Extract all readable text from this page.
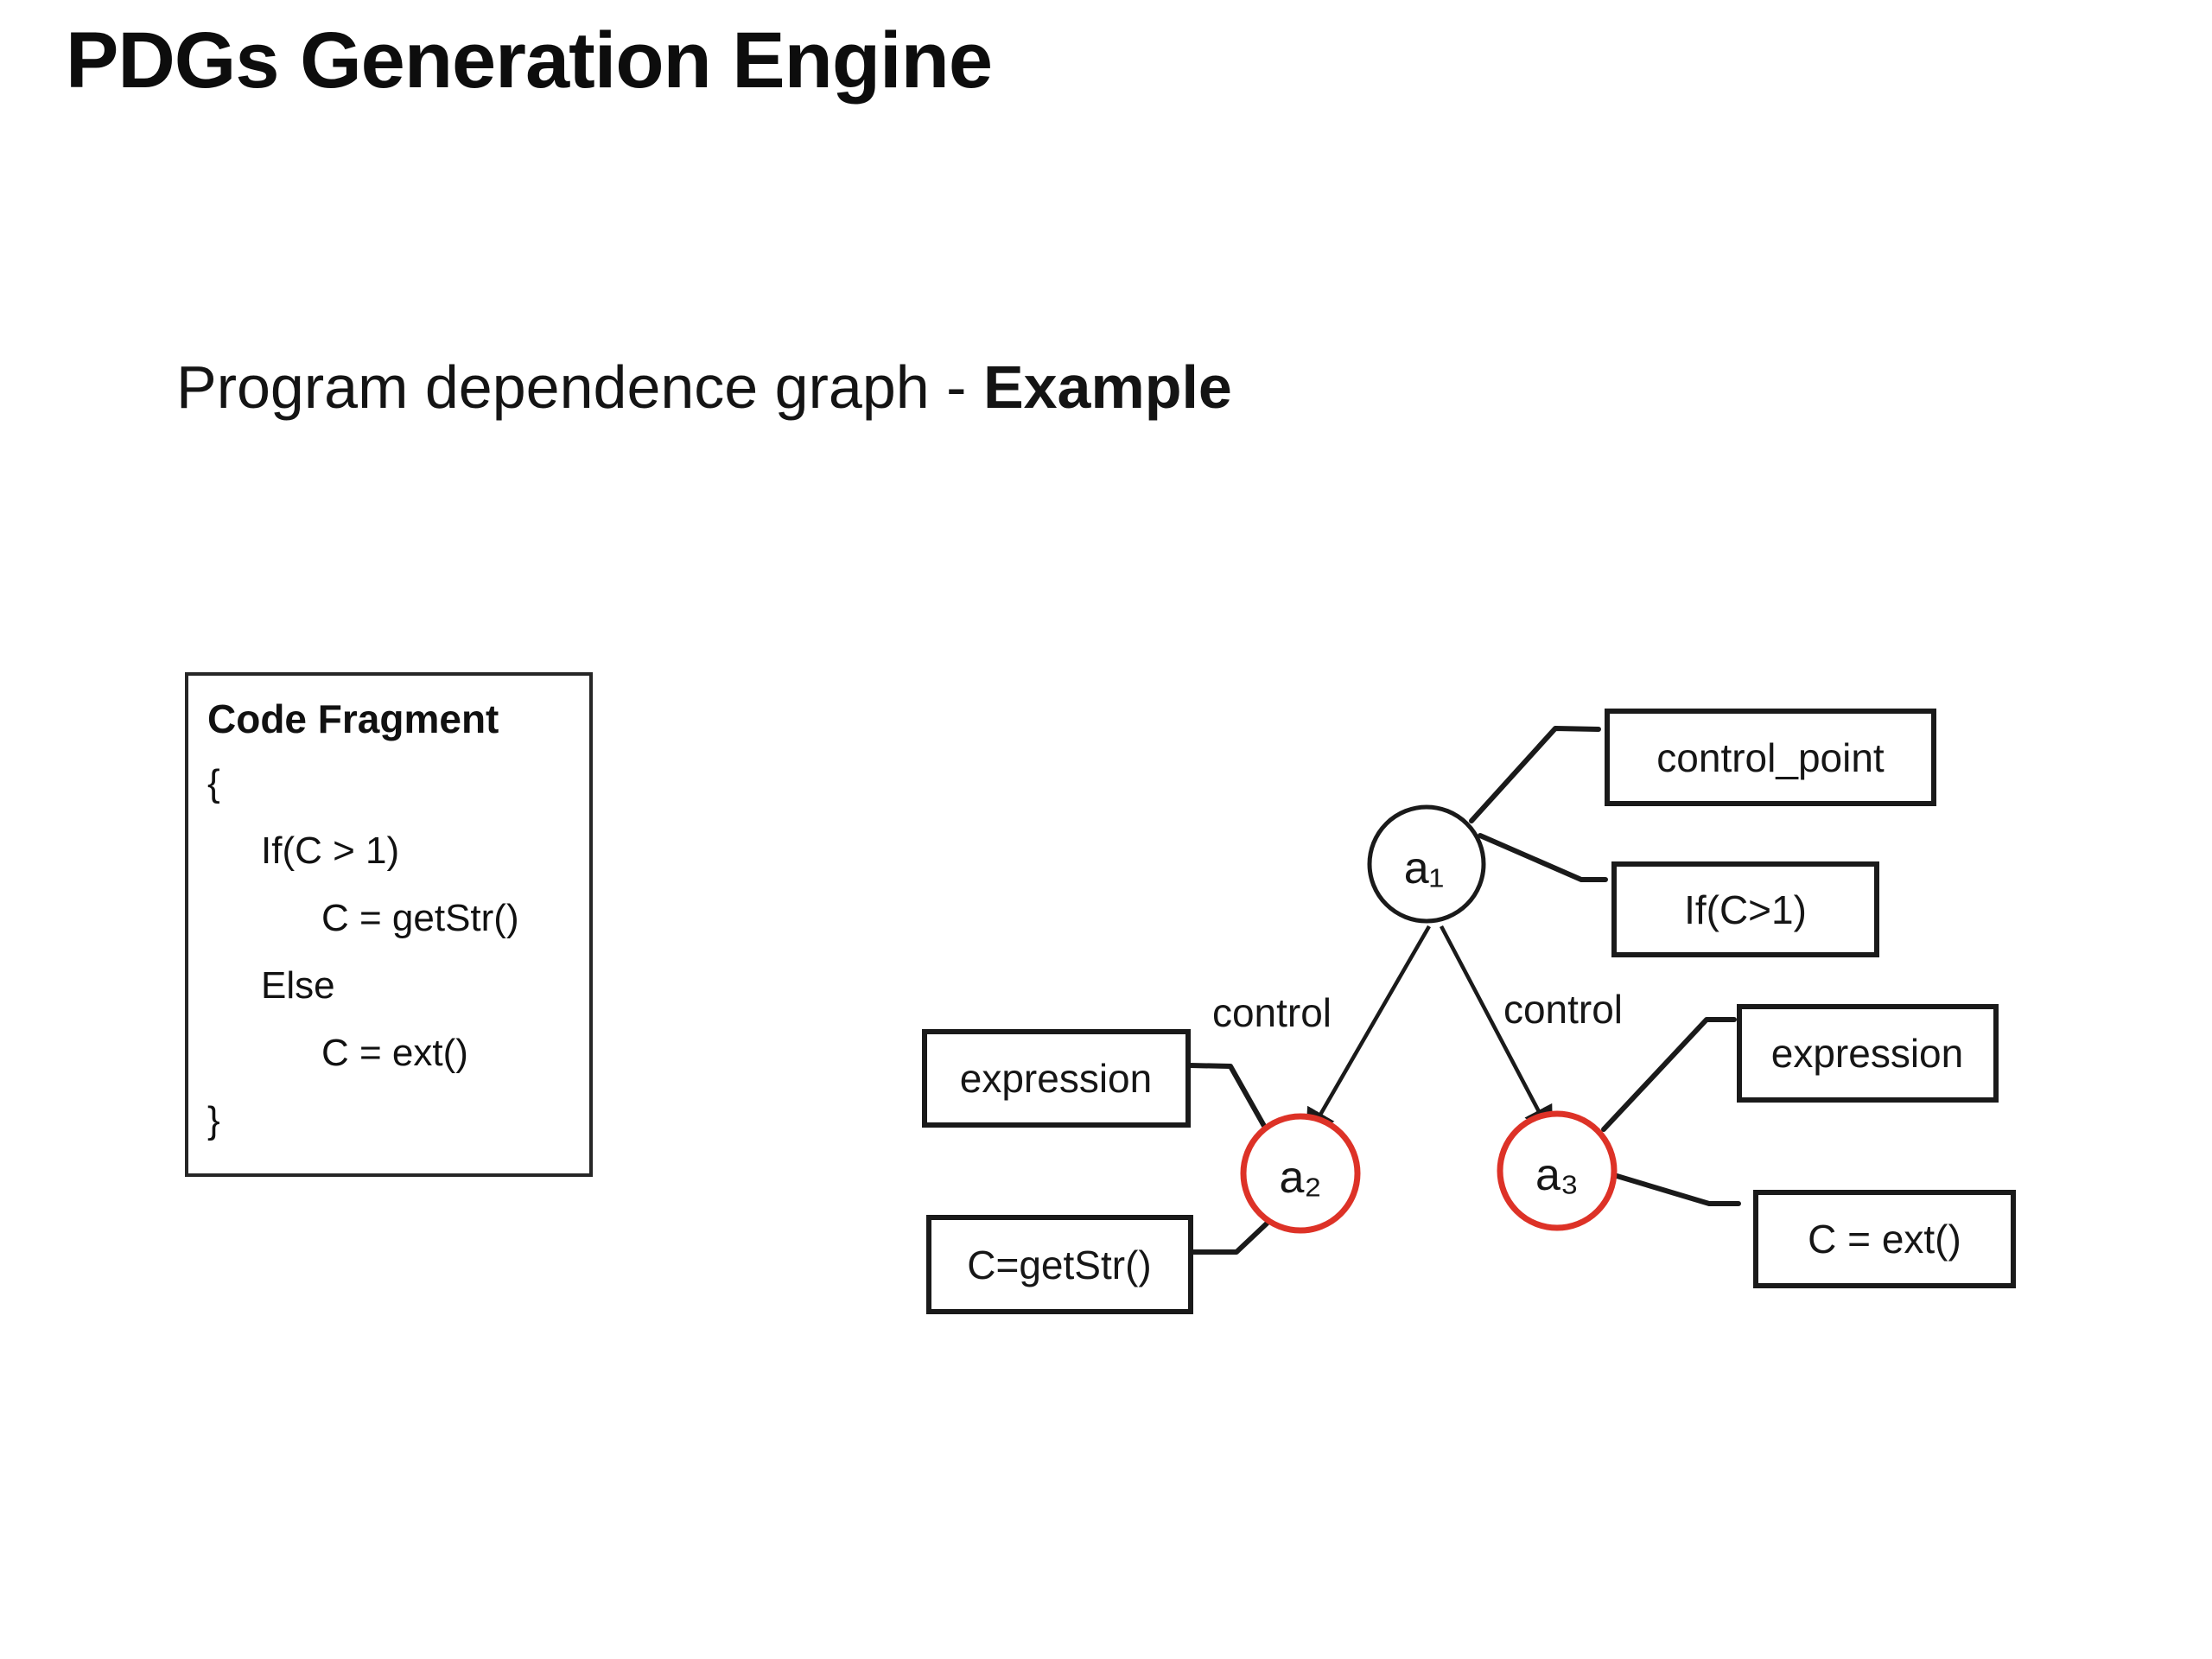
PDGs Generation Engine
Program dependence graph - Example
Code Fragment
{
If(C > 1)
C = getStr()
Else
C = ext()
}
control	control
control_point
If(C>1)
expression
C=getStr()
expression
C = ext()
a₁
a₂	a₃
